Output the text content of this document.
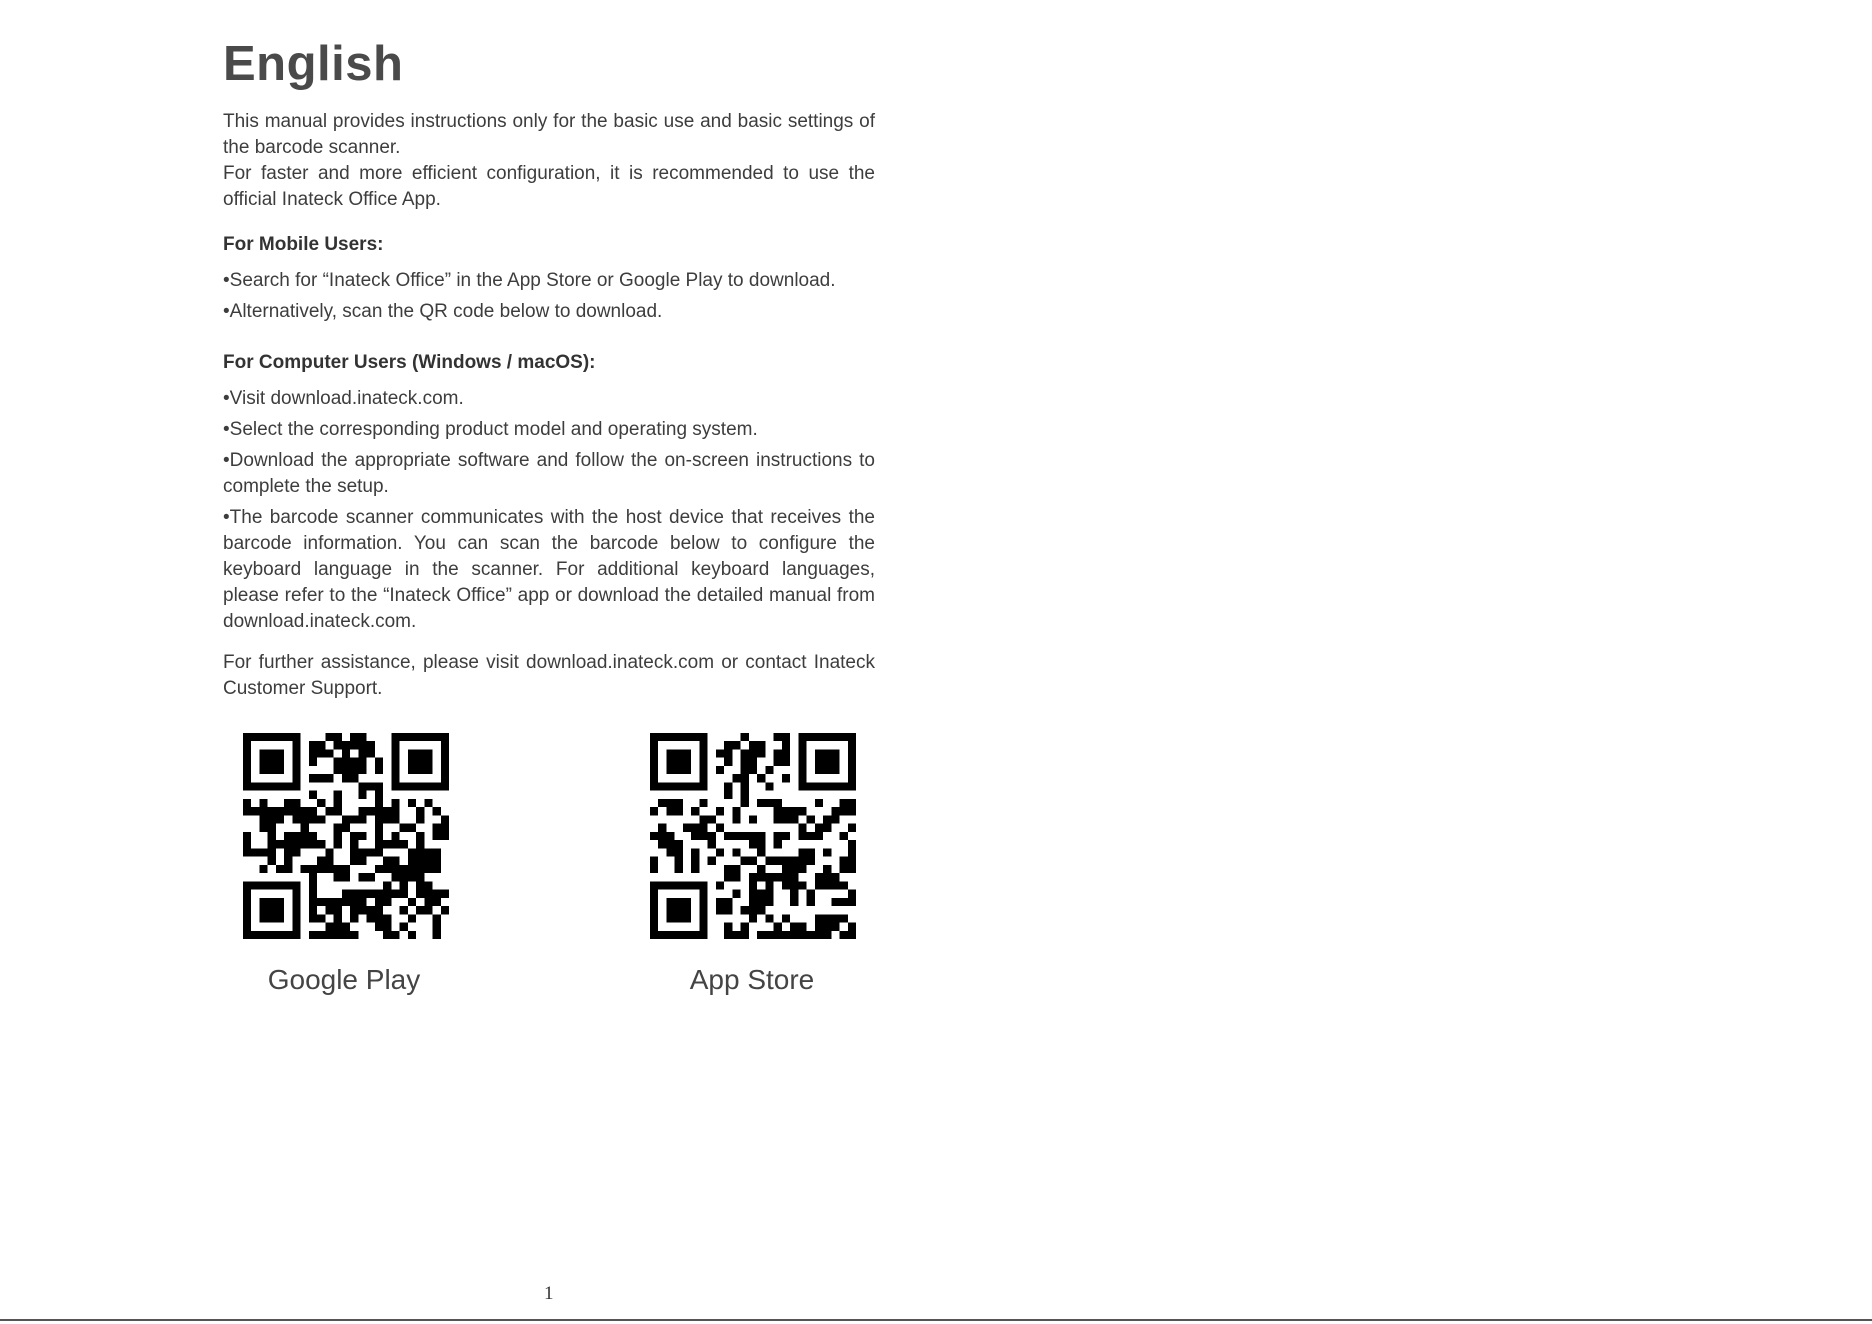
English

This manual provides instructions only for the basic use and basic settings of the barcode scanner.

For faster and more efficient configuration, it is recommended to use the official Inateck Office App.

For Mobile Users:

•Search for “Inateck Office” in the App Store or Google Play to download.

•Alternatively, scan the QR code below to download.

For Computer Users (Windows / macOS):

•Visit download.inateck.com.

•Select the corresponding product model and operating system.

•Download the appropriate software and follow the on-screen instructions to complete the setup.

•The barcode scanner communicates with the host device that receives the barcode information. You can scan the barcode below to configure the keyboard language in the scanner. For additional keyboard languages, please refer to the “Inateck Office” app or download the detailed manual from download.inateck.com.

For further assistance, please visit download.inateck.com or contact Inateck Customer Support.

Google Play	App Store
1
